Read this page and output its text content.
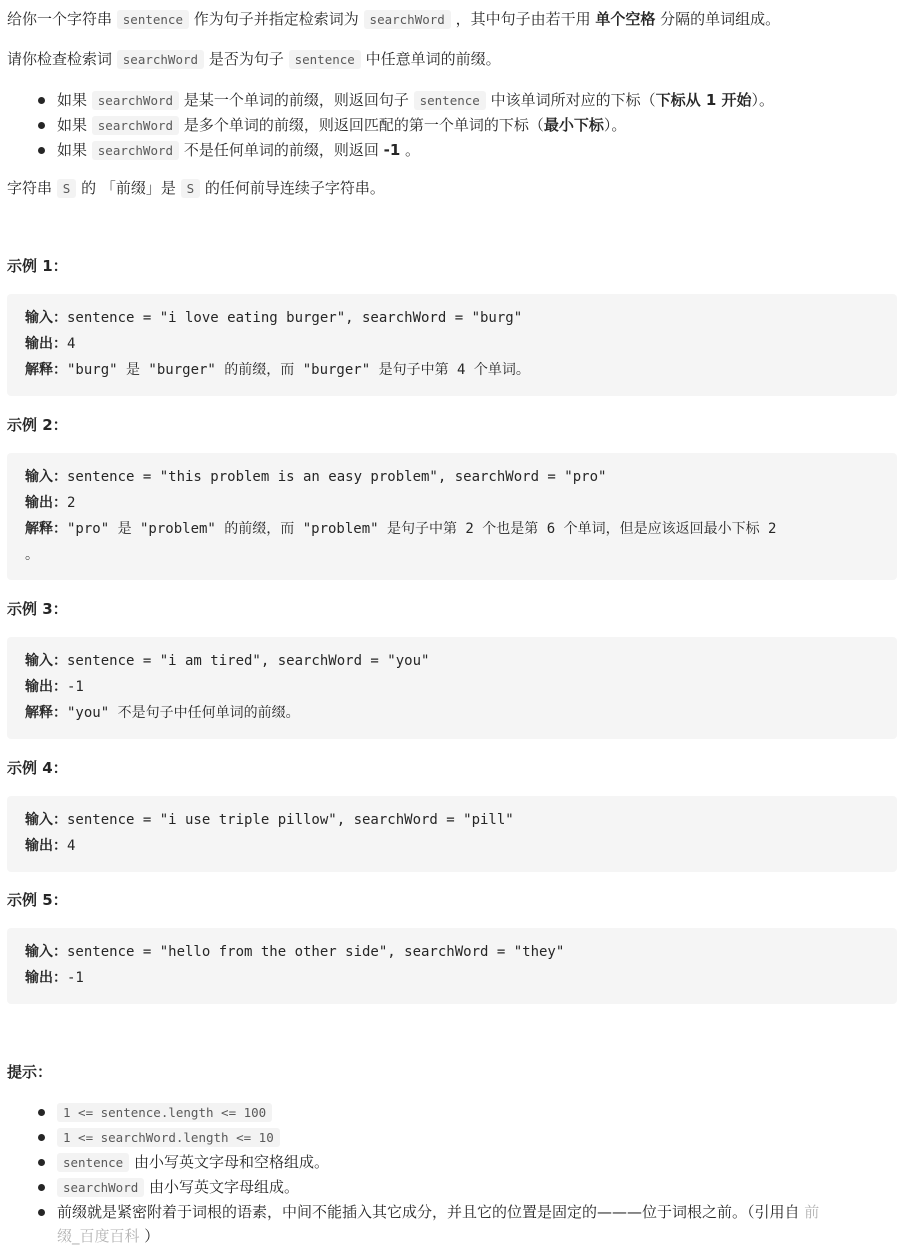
给你一个字符串 sentence 作为句子并指定检索词为 searchWord ，其中句子由若干用 单个空格 分隔的单词组成。

请你检查检索词 searchWord 是否为句子 sentence 中任意单词的前缀。

如果 searchWord 是某一个单词的前缀，则返回句子 sentence 中该单词所对应的下标（下标从 1 开始）。
如果 searchWord 是多个单词的前缀，则返回匹配的第一个单词的下标（最小下标）。
如果 searchWord 不是任何单词的前缀，则返回 -1 。

字符串 S 的 「前缀」是 S 的任何前导连续子字符串。

示例 1：
输入：sentence = "i love eating burger", searchWord = "burg"
输出：4
解释："burg" 是 "burger" 的前缀，而 "burger" 是句子中第 4 个单词。
示例 2：
输入：sentence = "this problem is an easy problem", searchWord = "pro"
输出：2
解释："pro" 是 "problem" 的前缀，而 "problem" 是句子中第 2 个也是第 6 个单词，但是应该返回最小下标 2
。
示例 3：
输入：sentence = "i am tired", searchWord = "you"
输出：-1
解释："you" 不是句子中任何单词的前缀。
示例 4：
输入：sentence = "i use triple pillow", searchWord = "pill"
输出：4
示例 5：
输入：sentence = "hello from the other side", searchWord = "they"
输出：-1
提示：
1 <= sentence.length <= 100
1 <= searchWord.length <= 10
sentence 由小写英文字母和空格组成。
searchWord 由小写英文字母组成。
前缀就是紧密附着于词根的语素，中间不能插入其它成分，并且它的位置是固定的———位于词根之前。（引用自 前
缀_百度百科 ）
